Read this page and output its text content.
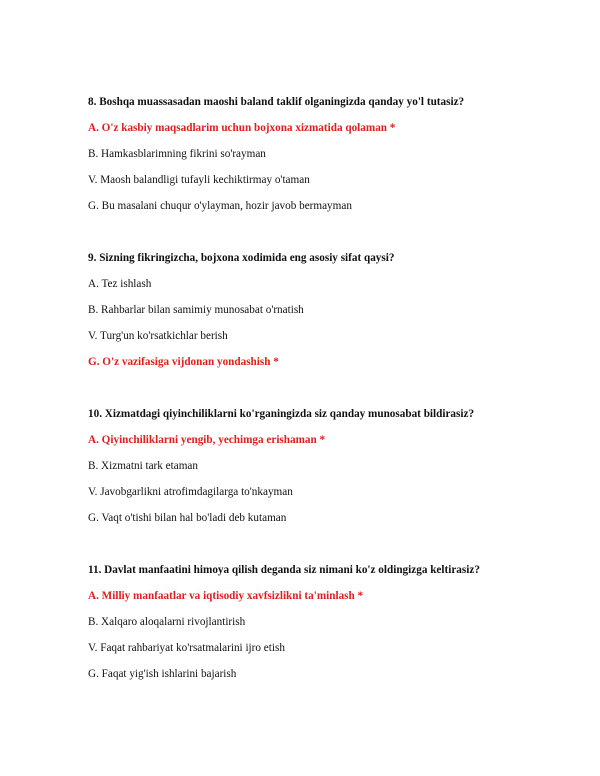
8. Boshqa muassasadan maoshi baland taklif olganingizda qanday yo'l tutasiz?

A. O'z kasbiy maqsadlarim uchun bojxona xizmatida qolaman *

B. Hamkasblarimning fikrini so'rayman

V. Maosh balandligi tufayli kechiktirmay o'taman

G. Bu masalani chuqur o'ylayman, hozir javob bermayman

9. Sizning fikringizcha, bojxona xodimida eng asosiy sifat qaysi?

A. Tez ishlash

B. Rahbarlar bilan samimiy munosabat o'rnatish

V. Turg'un ko'rsatkichlar berish

G. O'z vazifasiga vijdonan yondashish *

10. Xizmatdagi qiyinchiliklarni ko'rganingizda siz qanday munosabat bildirasiz?

A. Qiyinchiliklarni yengib, yechimga erishaman *

B. Xizmatni tark etaman

V. Javobgarlikni atrofimdagilarga to'nkayman

G. Vaqt o'tishi bilan hal bo'ladi deb kutaman

11. Davlat manfaatini himoya qilish deganda siz nimani ko'z oldingizga keltirasiz?

A. Milliy manfaatlar va iqtisodiy xavfsizlikni ta'minlash *

B. Xalqaro aloqalarni rivojlantirish

V. Faqat rahbariyat ko'rsatmalarini ijro etish

G. Faqat yig'ish ishlarini bajarish
